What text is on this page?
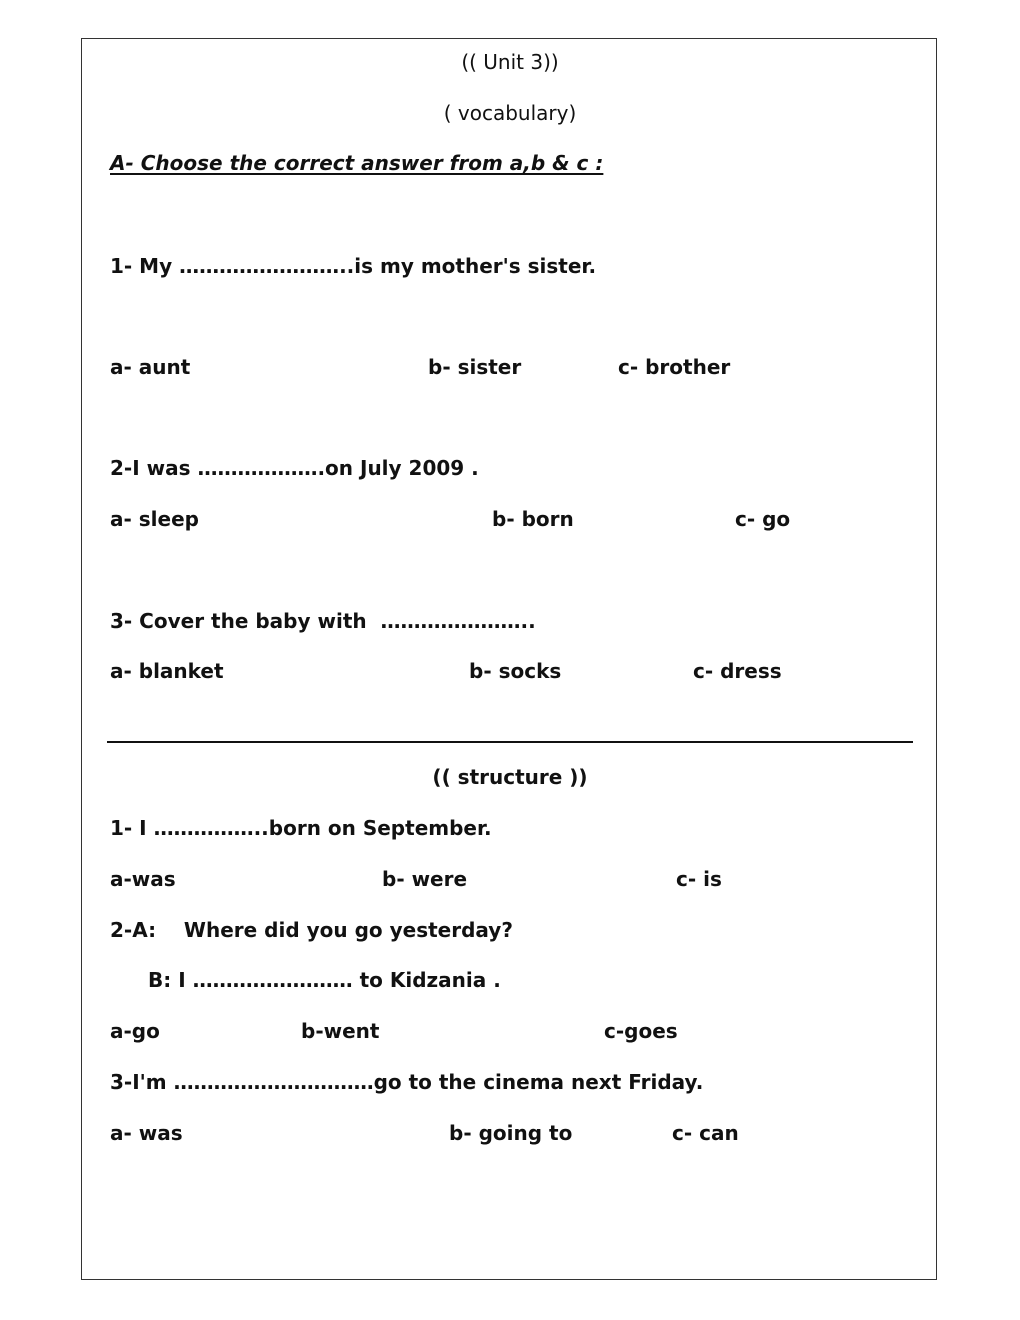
(( Unit 3))
( vocabulary)
A- Choose the correct answer from a,b & c :
1- My ……………………..is my mother's sister.
a- aunt	b- sister	c- brother
2-I was ……………….on July 2009 .
a- sleep	b- born	c- go
3- Cover the baby with  …………………..
a- blanket	b- socks	c- dress
(( structure ))
1- I ……………..born on September.
a-was	b- were	c- is
2-A:    Where did you go yesterday?
B: I …………………… to Kidzania .
a-go	b-went	c-goes
3-I'm …………………………go to the cinema next Friday.
a- was	b- going to	c- can
